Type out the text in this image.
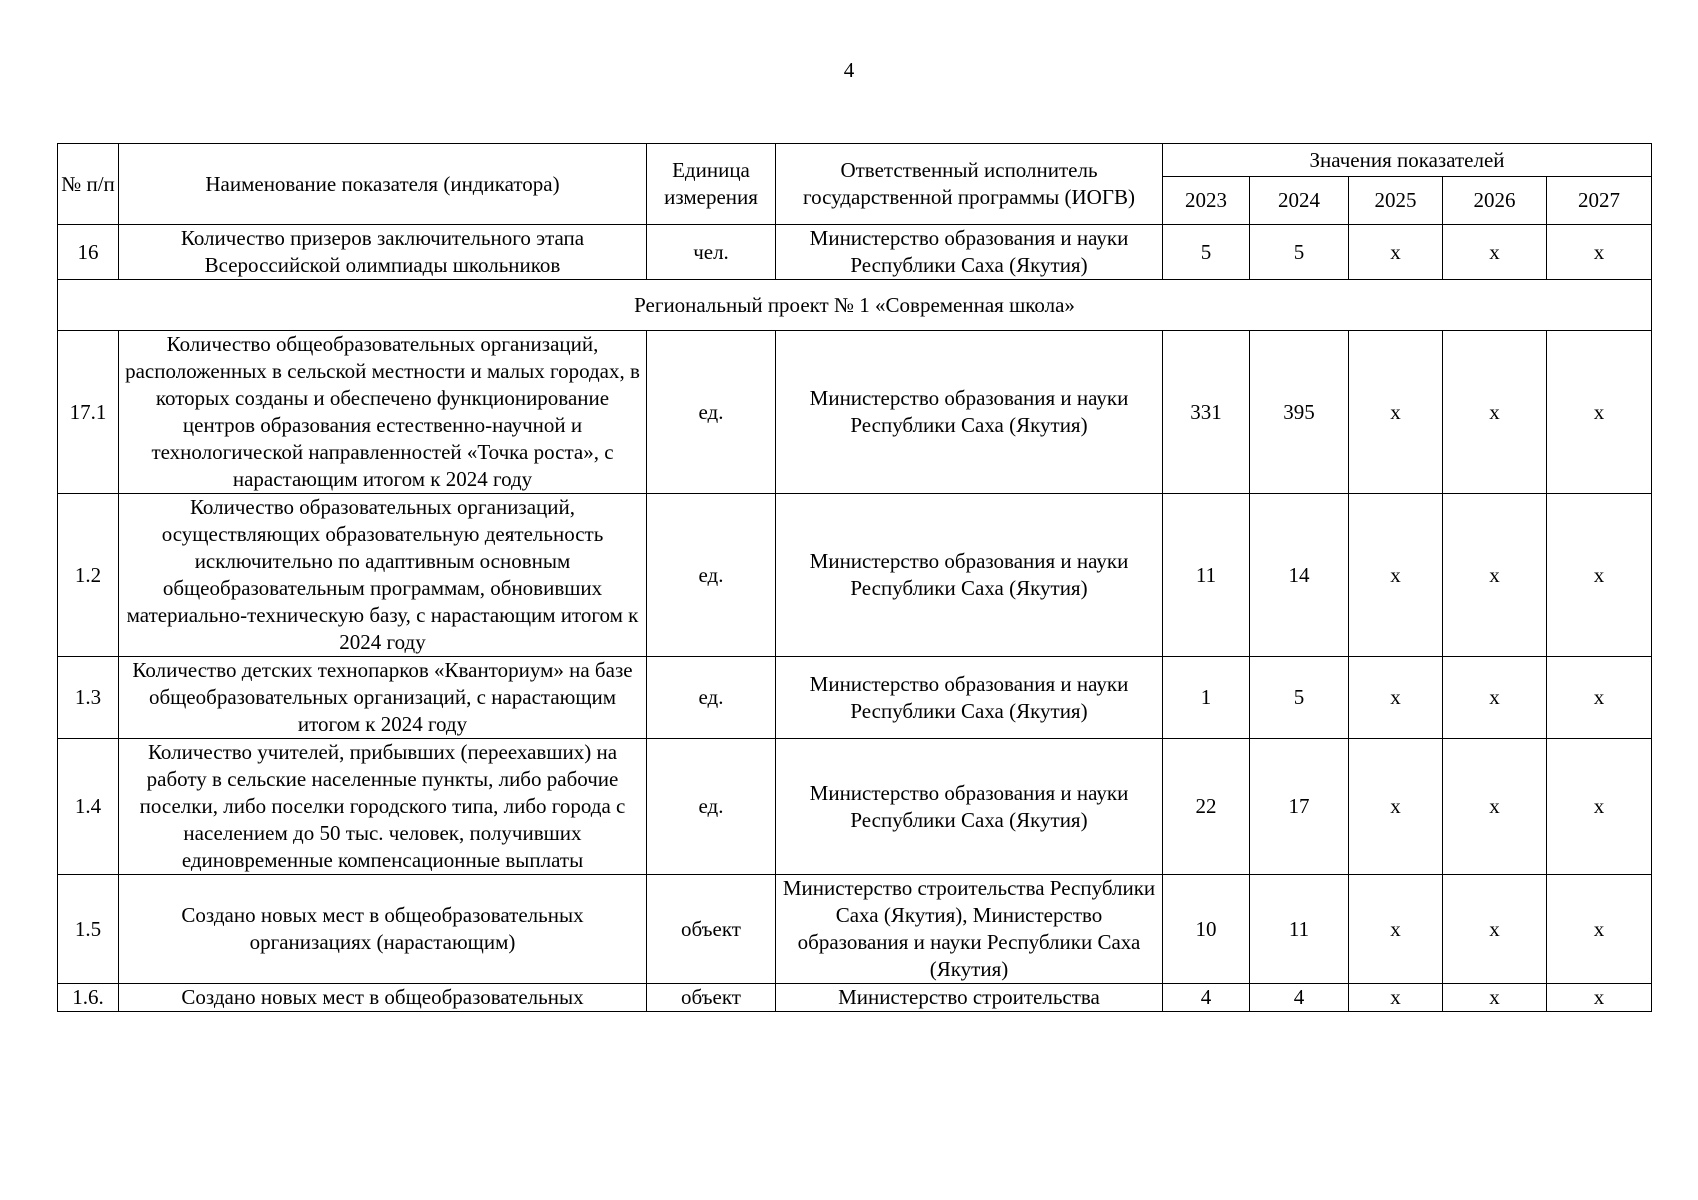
4
№ п/п	Наименование показателя (индикатора)	Единица измерения	Ответственный исполнитель государственной программы (ИОГВ)	Значения показателей				
				2023	2024	2025	2026	2027
16	Количество призеров заключительного этапа Всероссийской олимпиады школьников	чел.	Министерство образования и науки Республики Саха (Якутия)	5	5	x	x	x
Региональный проект № 1 «Современная школа»								
17.1	Количество общеобразовательных организаций, расположенных в сельской местности и малых городах, в которых созданы и обеспечено функционирование центров образования естественно-научной и технологической направленностей «Точка роста», с нарастающим итогом к 2024 году	ед.	Министерство образования и науки Республики Саха (Якутия)	331	395	x	x	x
1.2	Количество образовательных организаций, осуществляющих образовательную деятельность исключительно по адаптивным основным общеобразовательным программам, обновивших материально-техническую базу, с нарастающим итогом к 2024 году	ед.	Министерство образования и науки Республики Саха (Якутия)	11	14	x	x	x
1.3	Количество детских технопарков «Кванториум» на базе общеобразовательных организаций, с нарастающим итогом к 2024 году	ед.	Министерство образования и науки Республики Саха (Якутия)	1	5	x	x	x
1.4	Количество учителей, прибывших (переехавших) на работу в сельские населенные пункты, либо рабочие поселки, либо поселки городского типа, либо города с населением до 50 тыс. человек, получивших единовременные компенсационные выплаты	ед.	Министерство образования и науки Республики Саха (Якутия)	22	17	x	x	x
1.5	Создано новых мест в общеобразовательных организациях (нарастающим)	объект	Министерство строительства Республики Саха (Якутия), Министерство образования и науки Республики Саха (Якутия)	10	11	x	x	x
1.6.	Создано новых мест в общеобразовательных	объект	Министерство строительства	4	4	x	x	x
